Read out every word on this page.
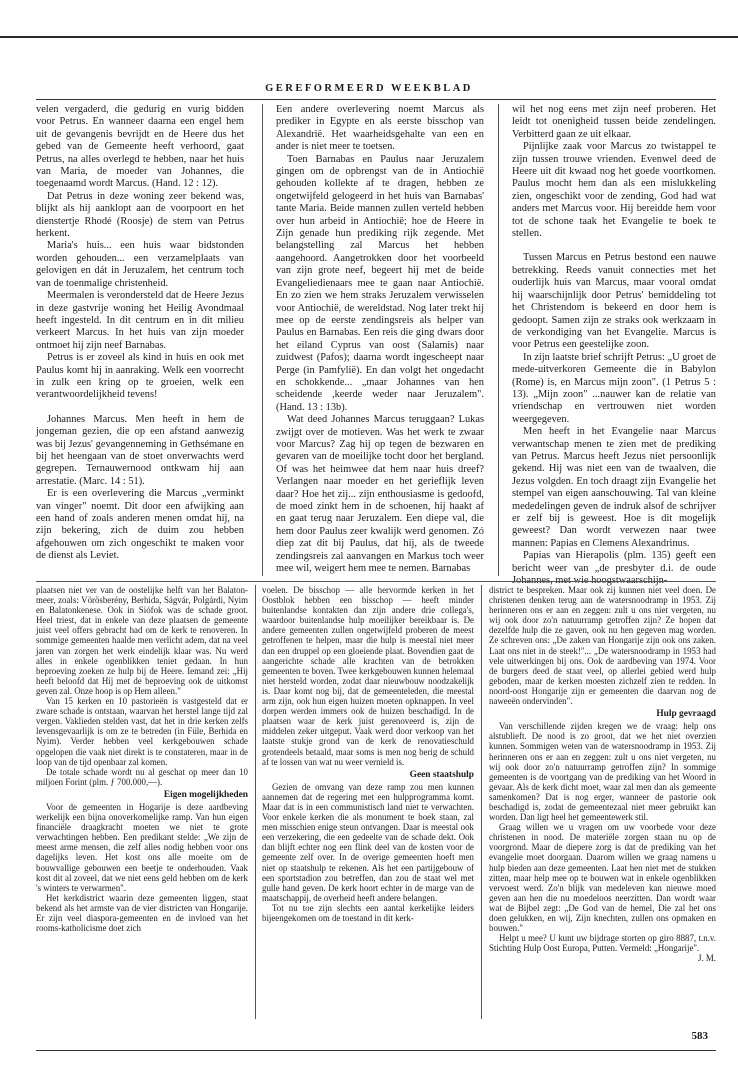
GEREFORMEERD WEEKBLAD

velen vergaderd, die gedurig en vurig bidden voor Petrus. En wanneer daarna een engel hem uit de gevangenis bevrijdt en de Heere dus het gebed van de Gemeente heeft verhoord, gaat Petrus, na alles overlegd te hebben, naar het huis van Maria, de moeder van Johannes, die toegenaamd wordt Marcus. (Hand. 12 : 12).

Dat Petrus in deze woning zeer bekend was, blijkt als hij aanklopt aan de voorpoort en het dienstertje Rhodé (Roosje) de stem van Petrus herkent.

Maria's huis... een huis waar bidstonden worden gehouden... een verzamelplaats van gelovigen en dát in Jeruzalem, het centrum toch van de toenmalige christenheid.

Meermalen is verondersteld dat de Heere Jezus in deze gastvrije woning het Heilig Avondmaal heeft ingesteld. In dit centrum en in dit milieu verkeert Marcus. In het huis van zijn moeder ontmoet hij zijn neef Barnabas.

Petrus is er zoveel als kind in huis en ook met Paulus komt hij in aanraking. Welk een voorrecht in zulk een kring op te groeien, welk een verantwoordelijkheid tevens!

Johannes Marcus. Men heeft in hem de jongeman gezien, die op een afstand aanwezig was bij Jezus' gevangenneming in Gethsémane en bij het heengaan van de stoet onverwachts werd gegrepen. Ternauwernood ontkwam hij aan arrestatie. (Marc. 14 : 51).

Er is een overlevering die Marcus „verminkt van vinger" noemt. Dit door een afwijking aan een hand of zoals anderen menen omdat hij, na zijn bekering, zich de duim zou hebben afgehouwen om zich ongeschikt te maken voor de dienst als Leviet.

Een andere overlevering noemt Marcus als prediker in Egypte en als eerste bisschop van Alexandrië. Het waarheidsgehalte van een en ander is niet meer te toetsen.

Toen Barnabas en Paulus naar Jeruzalem gingen om de opbrengst van de in Antiochië gehouden kollekte af te dragen, hebben ze ongetwijfeld gelogeerd in het huis van Barnabas' tante Maria. Beide mannen zullen verteld hebben over hun arbeid in Antiochië; hoe de Heere in Zijn genade hun prediking rijk zegende. Met belangstelling zal Marcus het hebben aangehoord. Aangetrokken door het voorbeeld van zijn grote neef, begeert hij met de beide Evangeliedienaars mee te gaan naar Antiochië. En zo zien we hem straks Jeruzalem verwisselen voor Antiochië, de wereldstad. Nog later trekt hij mee op de eerste zendingsreis als helper van Paulus en Barnabas. Een reis die ging dwars door het eiland Cyprus van oost (Salamis) naar zuidwest (Pafos); daarna wordt ingescheept naar Perge (in Pamfylië). En dan volgt het ongedacht en schokkende... „maar Johannes van hen scheidende ,keerde weder naar Jeruzalem". (Hand. 13 : 13b).

Wat deed Johannes Marcus teruggaan? Lukas zwijgt over de motieven. Was het werk te zwaar voor Marcus? Zag hij op tegen de bezwaren en gevaren van de moeilijke tocht door het bergland. Of was het heimwee dat hem naar huis dreef? Verlangen naar moeder en het gerieflijk leven daar? Hoe het zij... zijn enthousiasme is gedoofd, de moed zinkt hem in de schoenen, hij haakt af en gaat terug naar Jeruzalem. Een diepe val, die hem door Paulus zeer kwalijk werd genomen. Zó diep zat dit bij Paulus, dat hij, als de tweede zendingsreis zal aanvangen en Markus toch weer mee wil, weigert hem mee te nemen. Barnabas

wil het nog eens met zijn neef proberen. Het leidt tot onenigheid tussen beide zendelingen. Verbitterd gaan ze uit elkaar.

Pijnlijke zaak voor Marcus zo twistappel te zijn tussen trouwe vrienden. Evenwel deed de Heere uit dit kwaad nog het goede voortkomen. Paulus mocht hem dan als een mislukkeling zien, ongeschikt voor de zending, God had wat anders met Marcus voor. Hij bereidde hem voor tot de schone taak het Evangelie te boek te stellen.

Tussen Marcus en Petrus bestond een nauwe betrekking. Reeds vanuit connecties met het ouderlijk huis van Marcus, maar vooral omdat hij waarschijnlijk door Petrus' bemiddeling tot het Christendom is bekeerd en door hem is gedoopt. Samen zijn ze straks ook werkzaam in de verkondiging van het Evangelie. Marcus is voor Petrus een geestelijke zoon.

In zijn laatste brief schrijft Petrus: „U groet de mede-uitverkoren Gemeente die in Babylon (Rome) is, en Marcus mijn zoon". (1 Petrus 5 : 13). „Mijn zoon" ...nauwer kan de relatie van vriendschap en vertrouwen niet worden weergegeven.

Men heeft in het Evangelie naar Marcus verwantschap menen te zien met de prediking van Petrus. Marcus heeft Jezus niet persoonlijk gekend. Hij was niet een van de twaalven, die Jezus volgden. En toch draagt zijn Evangelie het stempel van eigen aanschouwing. Tal van kleine mededelingen geven de indruk alsof de schrijver er zelf bij is geweest. Hoe is dit mogelijk geweest? Dan wordt verwezen naar twee mannen: Papias en Clemens Alexandrinus.

Papias van Hierapolis (plm. 135) geeft een bericht weer van „de presbyter d.i. de oude Johannes, met wie hoogstwaarschijn-

plaatsen niet ver van de oostelijke helft van het Balaton-meer, zoals: Vörösberény, Berhida, Ságvár, Polgárdi, Nyim en Balatonkenese. Ook in Siófok was de schade groot. Heel triest, dat in enkele van deze plaatsen de gemeente juist veel offers gebracht had om de kerk te renoveren. In sommige gemeenten haalde men verlicht adem, dat na veel jaren van zorgen het werk eindelijk klaar was. Nu werd alles in enkele ogenblikken teniet gedaan. In hun beproeving zoeken ze hulp bij de Heere. Iemand zei: „Hij heeft beloofd dat Hij met de beproeving ook de uitkomst geven zal. Onze hoop is op Hem alleen."

Van 15 kerken en 10 pastorieën is vastgesteld dat er zware schade is ontstaan, waarvan het herstel lange tijd zal vergen. Vaklieden stelden vast, dat het in drie kerken zelfs levensgevaarlijk is om ze te betreden (in Füle, Berhida en Nyim). Verder hebben veel kerkgebouwen schade opgelopen die vaak niet direkt is te constateren, maar in de loop van de tijd openbaar zal komen.

De totale schade wordt nu al geschat op meer dan 10 miljoen Forint (plm. ƒ 700.000,—).

Eigen mogelijkheden

Voor de gemeenten in Hogarije is deze aardbeving werkelijk een bijna onoverkomelijke ramp. Van hun eigen financiële draagkracht moeten we niet te grote verwachtingen hebben. Een predikant stelde: „We zijn de meest arme mensen, die zelf alles nodig hebben voor ons dagelijks leven. Het kost ons alle moeite om de bouwvallige gebouwen een beetje te onderhouden. Vaak kost dit al zoveel, dat we niet eens geld hebben om de kerk 's winters te verwarmen".

Het kerkdistrict waarin deze gemeenten liggen, staat bekend als het armste van de vier districten van Hongarije. Er zijn veel diaspora-gemeenten en de invloed van het rooms-katholicisme doet zich

voelen. De bisschop — alle hervormde kerken in het Oostblok hebben een bisschop — heeft minder buitenlandse kontakten dan zijn andere drie collega's, waardoor buitenlandse hulp moeilijker bereikbaar is. De andere gemeenten zullen ongetwijfeld proberen de meest getroffenen te helpen, maar die hulp is meestal niet meer dan een druppel op een gloeiende plaat. Bovendien gaat de aangerichte schade alle krachten van de betrokken gemeenten te boven. Twee kerkgebouwen kunnen helemaal niet hersteld worden, zodat daar nieuwbouw noodzakelijk is. Daar komt nog bij, dat de gemeenteleden, die meestal arm zijn, ook hun eigen huizen moeten opknappen. In veel dorpen werden immers ook de huizen beschadigd. In de plaatsen waar de kerk juist gerenoveerd is, zijn de middelen zeker uitgeput. Vaak werd door verkoop van het laatste stukje grond van de kerk de renovatieschuld grotendeels betaald, maar soms is men nog berig de schuld af te lossen van wat nu weer vernield is.

Geen staatshulp

Gezien de omvang van deze ramp zou men kunnen aannemen dat de regering met een hulpprogramma komt. Maar dat is in een communistisch land niet te verwachten. Voor enkele kerken die als monument te boek staan, zal men misschien enige steun ontvangen. Daar is meestal ook een verzekering, die een gedeelte van de schade dekt. Ook dan blijft echter nog een flink deel van de kosten voor de gemeente zelf over. In de overige gemeenten hoeft men niet op staatshulp te rekenen. Als het een partijgebouw of een sportstadion zou betreffen, dan zou de staat wel met gulle hand geven. De kerk hoort echter in de marge van de maatschappij, de overheid heeft andere belangen.

Tot nu toe zijn slechts een aantal kerkelijke leiders bijeengekomen om de toestand in dit kerk-

district te bespreken. Maar ook zij kunnen niet veel doen. De christenen denken terug aan de watersnoodramp in 1953. Zij herinneren ons er aan en zeggen: zult u ons niet vergeten, nu wij ook door zo'n natuurramp getroffen zijn? Ze hopen dat dezelfde hulp die ze gaven, ook nu hen gegeven mag worden. Ze schreven ons: „De zaken van Hongarije zijn ook ons zaken. Laat ons niet in de steek!"... „De watersnoodramp in 1953 had vele uitwerkingen bij ons. Ook de aardbeving van 1974. Voor de burgers deed de staat veel, op allerlei gebied werd hulp geboden, maar de kerken moesten zichzelf zien te redden. In noord-oost Hongarije zijn er gemeenten die daarvan nog de naweeën ondervinden".

Hulp gevraagd

Van verschillende zijden kregen we de vraag: help ons alstublieft. De nood is zo groot, dat we het niet overzien kunnen. Sommigen weten van de watersnoodramp in 1953. Zij herinneren ons er aan en zeggen: zult u ons niet vergeten, nu wij ook door zo'n natuurramp getroffen zijn? In sommige gemeenten is de voortgang van de prediking van het Woord in gevaar. Als de kerk dicht moet, waar zal men dan als gemeente samenkomen? Dat is nog erger, wanneer de pastorie ook beschadigd is, zodat de gemeentezaal niet meer gebruikt kan worden. Dan ligt heel het gemeentewerk stil.

Graag willen we u vragen om uw voorbede voor deze christenen in nood. De materiële zorgen staan nu op de voorgrond. Maar de diepere zorg is dat de prediking van het evangelie moet doorgaan. Daarom willen we graag namens u hulp bieden aan deze gemeenten. Laat hen niet met de stukken zitten, maar help mee op te bouwen wat in enkele ogenblikken vervoest werd. Zo'n blijk van medeleven kan nieuwe moed geven aan hen die nu moedeloos neerzitten. Dan wordt waar wat de Bijbel zegt: „De God van de hemel, Die zal het ons doen gelukken, en wij, Zijn knechten, zullen ons opmaken en bouwen."

Helpt u mee? U kunt uw bijdrage storten op giro 8887, t.n.v. Stichting Hulp Oost Europa, Putten. Vermeld: „Hongarije".

J. M.
583
